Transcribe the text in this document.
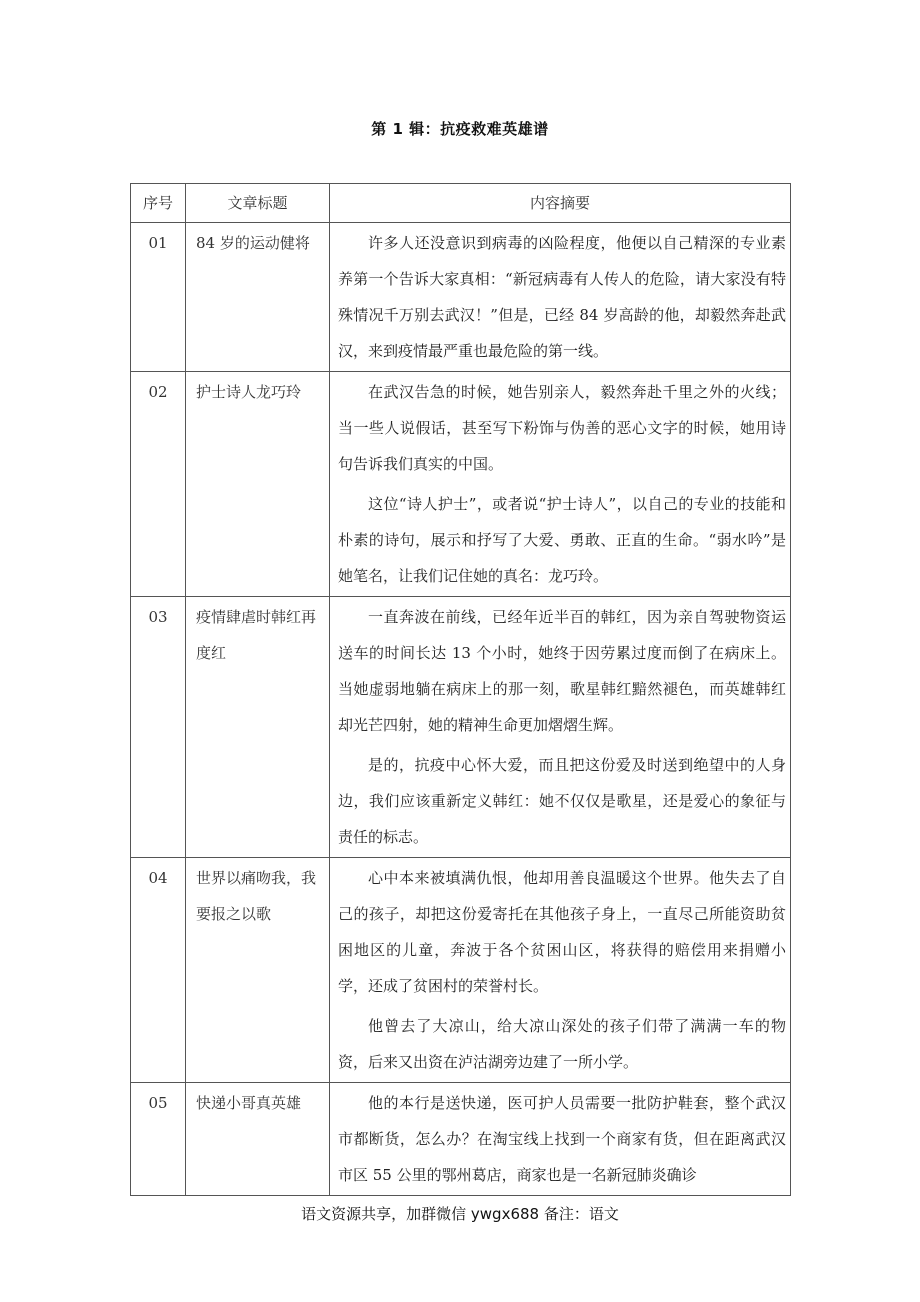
第 1 辑：抗疫救难英雄谱
序号	文章标题	内容摘要
01	84 岁的运动健将	许多人还没意识到病毒的凶险程度，他便以自己精深的专业素养第一个告诉大家真相：“新冠病毒有人传人的危险，请大家没有特殊情况千万别去武汉！”但是，已经 84 岁高龄的他，却毅然奔赴武汉，来到疫情最严重也最危险的第一线。

02	护士诗人龙巧玲	在武汉告急的时候，她告别亲人，毅然奔赴千里之外的火线；当一些人说假话，甚至写下粉饰与伪善的恶心文字的时候，她用诗句告诉我们真实的中国。

这位“诗人护士”，或者说“护士诗人”，以自己的专业的技能和朴素的诗句，展示和抒写了大爱、勇敢、正直的生命。“弱水吟”是她笔名，让我们记住她的真名：龙巧玲。

03	疫情肆虐时韩红再度红	一直奔波在前线，已经年近半百的韩红，因为亲自驾驶物资运送车的时间长达 13 个小时，她终于因劳累过度而倒了在病床上。当她虚弱地躺在病床上的那一刻，歌星韩红黯然褪色，而英雄韩红却光芒四射，她的精神生命更加熠熠生辉。

是的，抗疫中心怀大爱，而且把这份爱及时送到绝望中的人身边，我们应该重新定义韩红：她不仅仅是歌星，还是爱心的象征与责任的标志。

04	世界以痛吻我，我要报之以歌	心中本来被填满仇恨，他却用善良温暖这个世界。他失去了自己的孩子，却把这份爱寄托在其他孩子身上，一直尽己所能资助贫困地区的儿童，奔波于各个贫困山区，将获得的赔偿用来捐赠小学，还成了贫困村的荣誉村长。

他曾去了大凉山，给大凉山深处的孩子们带了满满一车的物资，后来又出资在泸沽湖旁边建了一所小学。

05	快递小哥真英雄	他的本行是送快递，医可护人员需要一批防护鞋套，整个武汉市都断货，怎么办？在淘宝线上找到一个商家有货，但在距离武汉市区 55 公里的鄂州葛店，商家也是一名新冠肺炎确诊

语文资源共享，加群微信 ywgx688 备注：语文
